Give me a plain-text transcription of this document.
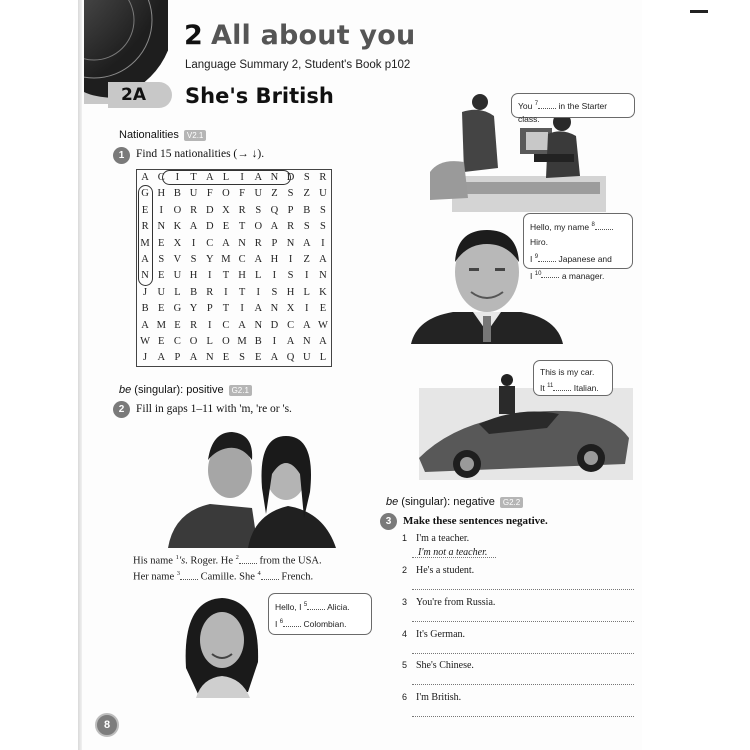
2 All about you
Language Summary 2, Student's Book p102
2A She's British
Nationalities V2.1
1	Find 15 nationalities (→ ↓).
A C	I	T A L	I	A N D S R
G H B U F O F U Z S Z U
E	I	O R D X R S Q P B S
R N K A D E T O A R S S
M E X	I	C A N R P N A	I
A S V S Y M C A H	I	Z A
N E U H	I	T H L	I	S	I	N
J U L B R	I	T	I	S H L K
B E G Y P T	I	A N X	I	E
A M E R	I	C A N D C A W
W E C O L O M B	I	A N A
J A P A N E S E A Q U L
You $^7$ in the Starter class.
Hello, my name $^8$ Hiro.
I $^9$ Japanese and
I $^{10}$ a manager.
This is my car.
It $^{11}$ Italian.
be (singular): positive G2.1
2	Fill in gaps 1–11 with 'm, 're or 's.
His name $^1$'s. Roger. He $^2$ from the USA.
Her name $^3$ Camille. She $^4$ French.
Hello, I $^5$ Alicia.
I $^6$ Colombian.
be (singular): negative G2.2
3	Make these sentences negative.
1 I'm a teacher.
I'm not a teacher.
2 He's a student.
3 You're from Russia.
4 It's German.
5 She's Chinese.
6 I'm British.
8
